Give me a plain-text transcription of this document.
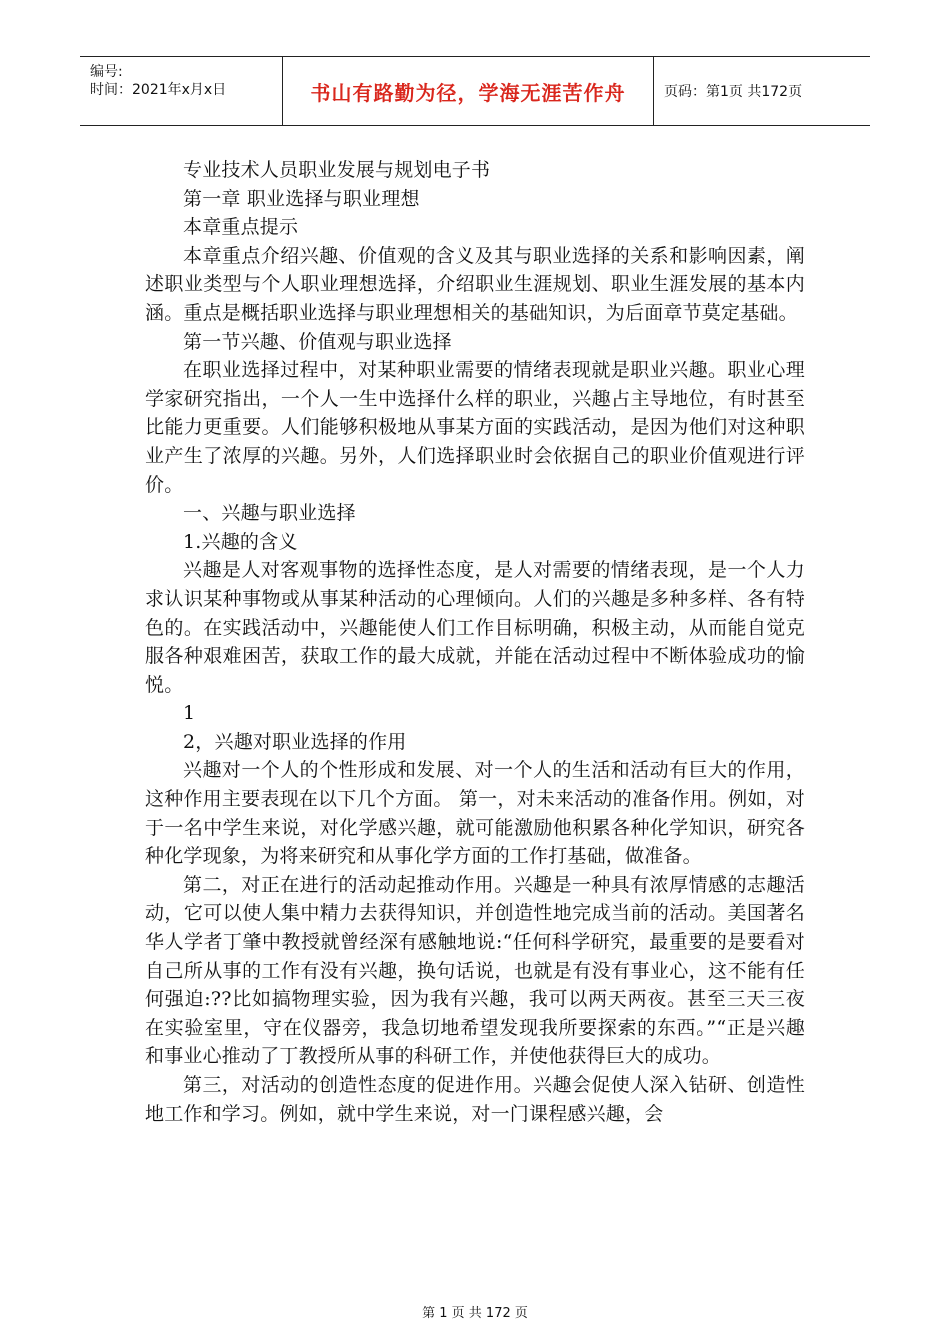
编号:
时间：2021年x月x日	书山有路勤为径，学海无涯苦作舟	页码：第1页 共172页

专业技术人员职业发展与规划电子书

第一章 职业选择与职业理想

本章重点提示

本章重点介绍兴趣、价值观的含义及其与职业选择的关系和影响因素，阐述职业类型与个人职业理想选择，介绍职业生涯规划、职业生涯发展的基本内涵。重点是概括职业选择与职业理想相关的基础知识，为后面章节莫定基础。

第一节兴趣、价值观与职业选择

在职业选择过程中，对某种职业需要的情绪表现就是职业兴趣。职业心理学家研究指出，一个人一生中选择什么样的职业，兴趣占主导地位，有时甚至比能力更重要。人们能够积极地从事某方面的实践活动，是因为他们对这种职业产生了浓厚的兴趣。另外，人们选择职业时会依据自己的职业价值观进行评价。

一、兴趣与职业选择

1.兴趣的含义

兴趣是人对客观事物的选择性态度，是人对需要的情绪表现，是一个人力求认识某种事物或从事某种活动的心理倾向。人们的兴趣是多种多样、各有特色的。在实践活动中，兴趣能使人们工作目标明确，积极主动，从而能自觉克服各种艰难困苦，获取工作的最大成就，并能在活动过程中不断体验成功的愉悦。

1

2，兴趣对职业选择的作用

兴趣对一个人的个性形成和发展、对一个人的生活和活动有巨大的作用，这种作用主要表现在以下几个方面。 第一，对未来活动的准备作用。例如，对于一名中学生来说，对化学感兴趣，就可能激励他积累各种化学知识，研究各种化学现象，为将来研究和从事化学方面的工作打基础，做准备。

第二，对正在进行的活动起推动作用。兴趣是一种具有浓厚情感的志趣活动，它可以使人集中精力去获得知识，并创造性地完成当前的活动。美国著名华人学者丁肇中教授就曾经深有感触地说:“任何科学研究，最重要的是要看对自己所从事的工作有没有兴趣，换句话说，也就是有没有事业心，这不能有任何强迫:??比如搞物理实验，因为我有兴趣，我可以两天两夜。甚至三天三夜在实验室里，守在仪器旁，我急切地希望发现我所要探索的东西。”“正是兴趣和事业心推动了丁教授所从事的科研工作，并使他获得巨大的成功。

第三，对活动的创造性态度的促进作用。兴趣会促使人深入钻研、创造性地工作和学习。例如，就中学生来说，对一门课程感兴趣，会

第 1 页 共 172 页
